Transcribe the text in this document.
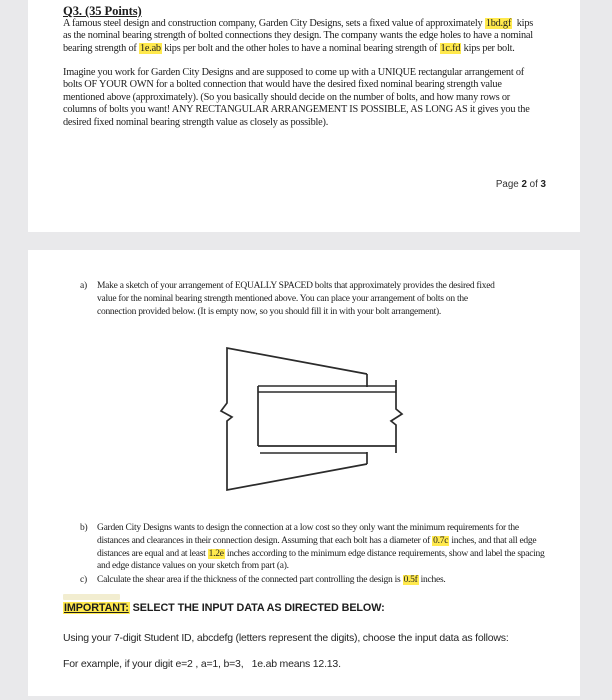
Q3. (35 Points)
A famous steel design and construction company, Garden City Designs, sets a fixed value of approximately 1bd.gf  kips
as the nominal bearing strength of bolted connections they design. The company wants the edge holes to have a nominal
bearing strength of 1e.ab kips per bolt and the other holes to have a nominal bearing strength of 1c.fd kips per bolt.
Imagine you work for Garden City Designs and are supposed to come up with a UNIQUE rectangular arrangement of
bolts OF YOUR OWN for a bolted connection that would have the desired fixed nominal bearing strength value
mentioned above (approximately). (So you basically should decide on the number of bolts, and how many rows or
columns of bolts you want! ANY RECTANGULAR ARRANGEMENT IS POSSIBLE, AS LONG AS it gives you the
desired fixed nominal bearing strength value as closely as possible).
Page 2 of 3
a) Make a sketch of your arrangement of EQUALLY SPACED bolts that approximately provides the desired fixed
value for the nominal bearing strength mentioned above. You can place your arrangement of bolts on the
connection provided below. (It is empty now, so you should fill it in with your bolt arrangement).
b) Garden City Designs wants to design the connection at a low cost so they only want the minimum requirements for the
distances and clearances in their connection design. Assuming that each bolt has a diameter of 0.7c inches, and that all edge
distances are equal and at least 1.2e inches according to the minimum edge distance requirements, show and label the spacing
and edge distance values on your sketch from part (a).
c) Calculate the shear area if the thickness of the connected part controlling the design is 0.5f inches.
IMPORTANT: SELECT THE INPUT DATA AS DIRECTED BELOW:
Using your 7-digit Student ID, abcdefg (letters represent the digits), choose the input data as follows:
For example, if your digit e=2 , a=1, b=3,   1e.ab means 12.13.
